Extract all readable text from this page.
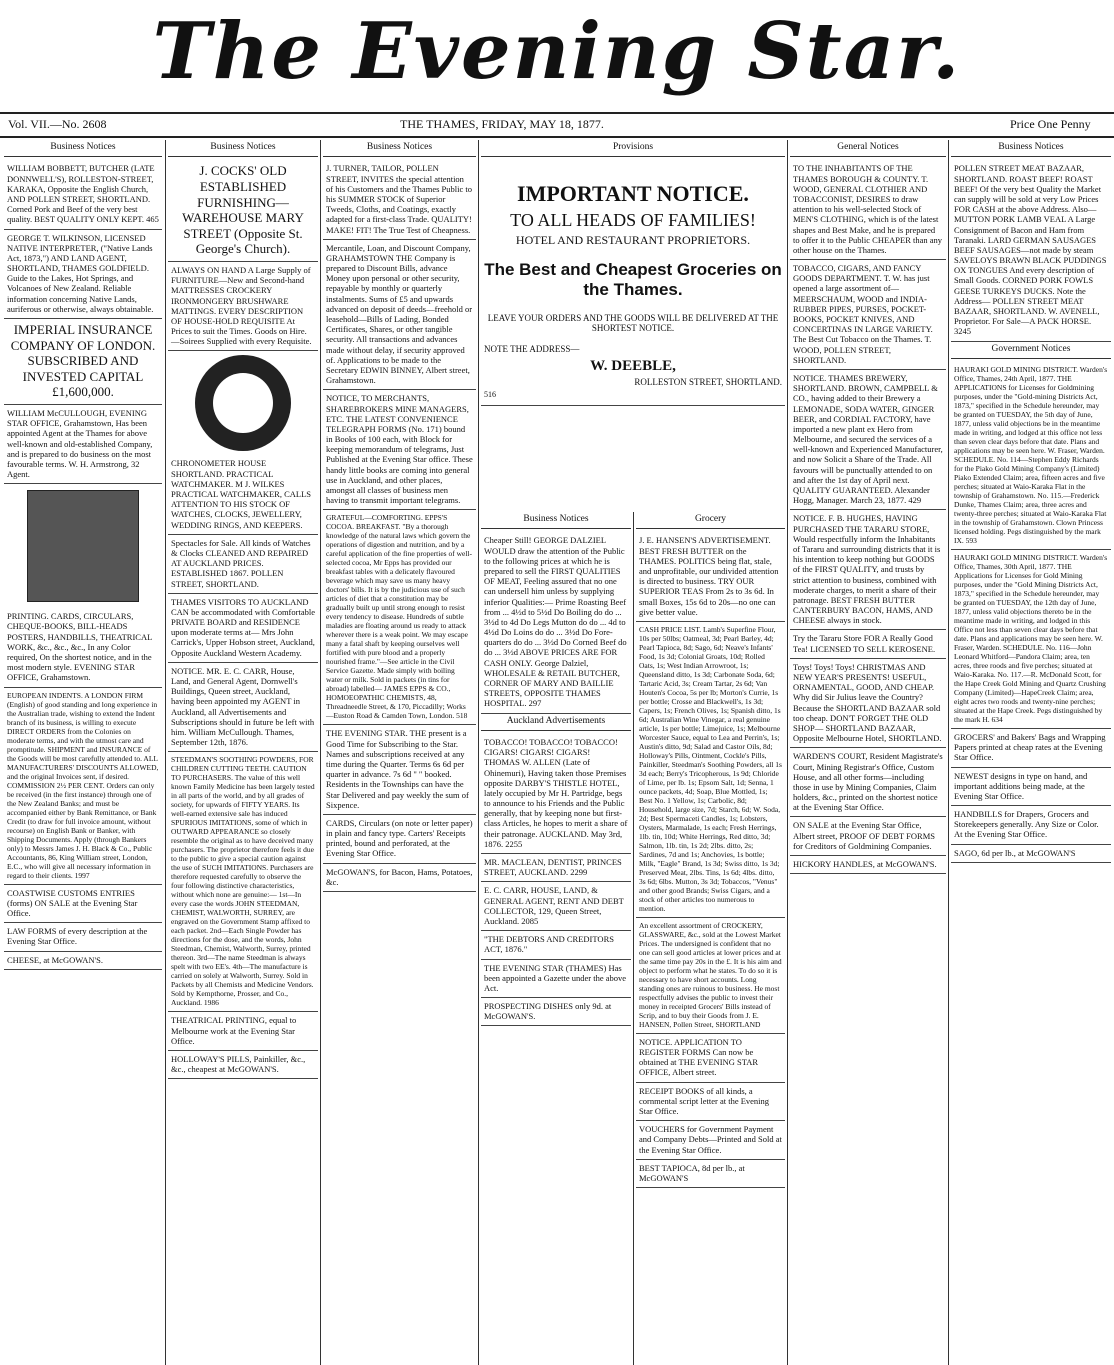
The Evening Star.
Vol. VII.—No. 2608	THE THAMES, FRIDAY, MAY 18, 1877.	Price One Penny
Business Notices
WILLIAM BOBBETT, BUTCHER (LATE DONNWELL'S), ROLLESTON-STREET, KARAKA, Opposite the English Church, AND POLLEN STREET, SHORTLAND. Corned Pork and Beef of the very best quality. BEST QUALITY ONLY KEPT. 465
GEORGE T. WILKINSON, LICENSED NATIVE INTERPRETER, ("Native Lands Act, 1873,") AND LAND AGENT, SHORTLAND, THAMES GOLDFIELD. Guide to the Lakes, Hot Springs, and Volcanoes of New Zealand. Reliable information concerning Native Lands, auriferous or otherwise, always obtainable.
IMPERIAL INSURANCE COMPANY OF LONDON. SUBSCRIBED AND INVESTED CAPITAL £1,600,000.
WILLIAM McCULLOUGH, EVENING STAR OFFICE, Grahamstown, Has been appointed Agent at the Thames for above well-known and old-established Company, and is prepared to do business on the most favourable terms. W. H. Armstrong, 32 Agent.
PRINTING. CARDS, CIRCULARS, CHEQUE-BOOKS, BILL-HEADS POSTERS, HANDBILLS, THEATRICAL WORK, &c., &c., &c., In any Color required, On the shortest notice, and in the most modern style. EVENING STAR OFFICE, Grahamstown.
EUROPEAN INDENTS. A LONDON FIRM (English) of good standing and long experience in the Australian trade, wishing to extend the Indent branch of its business, is willing to execute DIRECT ORDERS from the Colonies on moderate terms, and with the utmost care and promptitude. SHIPMENT and INSURANCE of the Goods will be most carefully attended to. ALL MANUFACTURERS' DISCOUNTS ALLOWED, and the original Invoices sent, if desired. COMMISSION 2½ PER CENT. Orders can only be received (in the first instance) through one of the New Zealand Banks; and must be accompanied either by Bank Remittance, or Bank Credit (to draw for full invoice amount, without recourse) on English Bank or Banker, with Shipping Documents. Apply (through Bankers only) to Messrs James J. H. Black & Co., Public Accountants, 86, King William street, London, E.C., who will give all necessary information in regard to their clients. 1997
COASTWISE CUSTOMS ENTRIES (forms) ON SALE at the Evening Star Office.
LAW FORMS of every description at the Evening Star Office.
CHEESE, at McGOWAN'S.
Business Notices
J. COCKS' OLD ESTABLISHED FURNISHING—WAREHOUSE MARY STREET (Opposite St. George's Church).
ALWAYS ON HAND A Large Supply of FURNITURE—New and Second-hand MATTRESSES CROCKERY IRONMONGERY BRUSHWARE MATTINGS. EVERY DESCRIPTION OF HOUSE-HOLD REQUISITE At Prices to suit the Times. Goods on Hire.—Soirees Supplied with every Requisite.
CHRONOMETER HOUSE SHORTLAND. PRACTICAL WATCHMAKER. M J. WILKES PRACTICAL WATCHMAKER, CALLS ATTENTION TO HIS STOCK OF WATCHES, CLOCKS, JEWELLERY, WEDDING RINGS, AND KEEPERS.
Spectacles for Sale. All kinds of Watches & Clocks CLEANED AND REPAIRED AT AUCKLAND PRICES. ESTABLISHED 1867. POLLEN STREET, SHORTLAND.
THAMES VISITORS TO AUCKLAND CAN be accommodated with Comfortable PRIVATE BOARD and RESIDENCE upon moderate terms at— Mrs John Carrick's, Upper Hobson street, Auckland, Opposite Auckland Western Academy.
NOTICE. MR. E. C. CARR, House, Land, and General Agent, Dornwell's Buildings, Queen street, Auckland, having been appointed my AGENT in Auckland, all Advertisements and Subscriptions should in future be left with him. William McCullough. Thames, September 12th, 1876.
STEEDMAN'S SOOTHING POWDERS, FOR CHILDREN CUTTING TEETH. CAUTION TO PURCHASERS. The value of this well known Family Medicine has been largely tested in all parts of the world, and by all grades of society, for upwards of FIFTY YEARS. Its well-earned extensive sale has induced SPURIOUS IMITATIONS, some of which in OUTWARD APPEARANCE so closely resemble the original as to have deceived many purchasers. The proprietor therefore feels it due to the public to give a special caution against the use of SUCH IMITATIONS. Purchasers are therefore requested carefully to observe the four following distinctive characteristics, without which none are genuine:— 1st—In every case the words JOHN STEEDMAN, CHEMIST, WALWORTH, SURREY, are engraved on the Government Stamp affixed to each packet. 2nd—Each Single Powder has directions for the dose, and the words, John Steedman, Chemist, Walworth, Surrey, printed thereon. 3rd—The name Steedman is always spelt with two EE's. 4th—The manufacture is carried on solely at Walworth, Surrey. Sold in Packets by all Chemists and Medicine Vendors. Sold by Kempthorne, Prosser, and Co., Auckland. 1986
THEATRICAL PRINTING, equal to Melbourne work at the Evening Star Office.
HOLLOWAY'S PILLS, Painkiller, &c., &c., cheapest at McGOWAN'S.
Business Notices
J. TURNER, TAILOR, POLLEN STREET, INVITES the special attention of his Customers and the Thames Public to his SUMMER STOCK of Superior Tweeds, Cloths, and Coatings, exactly adapted for a first-class Trade. QUALITY! MAKE! FIT! The True Test of Cheapness.
Mercantile, Loan, and Discount Company, GRAHAMSTOWN THE Company is prepared to Discount Bills, advance Money upon personal or other security, repayable by monthly or quarterly instalments. Sums of £5 and upwards advanced on deposit of deeds—freehold or leasehold—Bills of Lading, Bonded Certificates, Shares, or other tangible security. All transactions and advances made without delay, if security approved of. Applications to be made to the Secretary EDWIN BINNEY, Albert street, Grahamstown.
NOTICE, TO MERCHANTS, SHAREBROKERS MINE MANAGERS, ETC. THE LATEST CONVENIENCE TELEGRAPH FORMS (No. 171) bound in Books of 100 each, with Block for keeping memorandum of telegrams, Just Published at the Evening Star office. These handy little books are coming into general use in Auckland, and other places, amongst all classes of business men having to transmit important telegrams.
GRATEFUL—COMFORTING. EPPS'S COCOA. BREAKFAST. "By a thorough knowledge of the natural laws which govern the operations of digestion and nutrition, and by a careful application of the fine properties of well-selected cocoa, Mr Epps has provided our breakfast tables with a delicately flavoured beverage which may save us many heavy doctors' bills. It is by the judicious use of such articles of diet that a constitution may be gradually built up until strong enough to resist every tendency to disease. Hundreds of subtle maladies are floating around us ready to attack wherever there is a weak point. We may escape many a fatal shaft by keeping ourselves well fortified with pure blood and a properly nourished frame."—See article in the Civil Service Gazette. Made simply with boiling water or milk. Sold in packets (in tins for abroad) labelled— JAMES EPPS & CO., HOMOEOPATHIC CHEMISTS, 48, Threadneedle Street, & 170, Piccadilly; Works—Euston Road & Camden Town, London. 518
THE EVENING STAR. THE present is a Good Time for Subscribing to the Star. Names and subscriptions received at any time during the Quarter. Terms 6s 6d per quarter in advance. 7s 6d " " booked. Residents in the Townships can have the Star Delivered and pay weekly the sum of Sixpence.
CARDS, Circulars (on note or letter paper) in plain and fancy type. Carters' Receipts printed, bound and perforated, at the Evening Star Office.
McGOWAN'S, for Bacon, Hams, Potatoes, &c.
Provisions

IMPORTANT NOTICE.

TO ALL HEADS OF FAMILIES!

HOTEL AND RESTAURANT PROPRIETORS.

The Best and Cheapest Groceries on the Thames.

LEAVE YOUR ORDERS AND THE GOODS WILL BE DELIVERED AT THE SHORTEST NOTICE.

NOTE THE ADDRESS—

W. DEEBLE,

ROLLESTON STREET, SHORTLAND.

516

Business Notices
Cheaper Still! GEORGE DALZIEL WOULD draw the attention of the Public to the following prices at which he is prepared to sell the FIRST QUALITIES OF MEAT, Feeling assured that no one can undersell him unless by supplying inferior Qualities:— Prime Roasting Beef from ... 4½d to 5½d Do Boiling do do ... 3½d to 4d Do Legs Mutton do do ... 4d to 4½d Do Loins do do ... 3½d Do Fore-quarters do do ... 3½d Do Corned Beef do do ... 3½d ABOVE PRICES ARE FOR CASH ONLY. George Dalziel, WHOLESALE & RETAIL BUTCHER, CORNER OF MARY AND BAILLIE STREETS, OPPOSITE THAMES HOSPITAL. 297
Auckland Advertisements
TOBACCO! TOBACCO! TOBACCO! CIGARS! CIGARS! CIGARS! THOMAS W. ALLEN (Late of Ohinemuri), Having taken those Premises opposite DARBY'S THISTLE HOTEL, lately occupied by Mr H. Partridge, begs to announce to his Friends and the Public generally, that by keeping none but first-class Articles, he hopes to merit a share of their patronage. AUCKLAND. May 3rd, 1876. 2255
MR. MACLEAN, DENTIST, PRINCES STREET, AUCKLAND. 2299
E. C. CARR, HOUSE, LAND, & GENERAL AGENT, RENT AND DEBT COLLECTOR, 129, Queen Street, Auckland. 2085
"THE DEBTORS AND CREDITORS ACT, 1876."
THE EVENING STAR (THAMES) Has been appointed a Gazette under the above Act.
PROSPECTING DISHES only 9d. at McGOWAN'S.
Grocery
J. E. HANSEN'S ADVERTISEMENT. BEST FRESH BUTTER on the THAMES. POLITICS being flat, stale, and unprofitable, our undivided attention is directed to business. TRY OUR SUPERIOR TEAS From 2s to 3s 6d. In small Boxes, 15s 6d to 20s—no one can give better value.
CASH PRICE LIST. Lamb's Superfine Flour, 10s per 50lbs; Oatmeal, 3d; Pearl Barley, 4d; Pearl Tapioca, 8d; Sago, 6d; Neave's Infants' Food, 1s 3d; Colonial Groats, 10d; Rolled Oats, 1s; West Indian Arrowroot, 1s; Queensland ditto, 1s 3d; Carbonate Soda, 6d; Tartaric Acid, 3s; Cream Tartar, 2s 6d; Van Houten's Cocoa, 5s per lb; Morton's Currie, 1s per bottle; Crosse and Blackwell's, 1s 3d; Capers, 1s; French Olives, 1s; Spanish ditto, 1s 6d; Australian Wine Vinegar, a real genuine article, 1s per bottle; Limejuice, 1s; Melbourne Worcester Sauce, equal to Lea and Perrin's, 1s; Austin's ditto, 9d; Salad and Castor Oils, 8d; Holloway's Pills, Ointment, Cockle's Pills, Painkiller, Steedman's Soothing Powders, all 1s 3d each; Berry's Tricopherous, 1s 9d; Chloride of Lime, per lb. 1s; Epsom Salt, 1d; Senna, 1 ounce packets, 4d; Soap, Blue Mottled, 1s; Best No. 1 Yellow, 1s; Carbolic, 8d; Household, large size, 7d; Starch, 6d; W. Soda, 2d; Best Spermaceti Candles, 1s; Lobsters, Oysters, Marmalade, 1s each; Fresh Herrings, 1lb. tin, 10d; White Herrings, Red ditto, 3d; Salmon, 1lb. tin, 1s 2d; 2lbs. ditto, 2s; Sardines, 7d and 1s; Anchovies, 1s bottle; Milk, "Eagle" Brand, 1s 3d; Swiss ditto, 1s 3d; Preserved Meat, 2lbs. Tins, 1s 6d; 4lbs. ditto, 3s 6d; 6lbs. Mutton, 3s 3d; Tobaccos, "Venus" and other good Brands; Swiss Cigars, and a stock of other articles too numerous to mention.
An excellent assortment of CROCKERY, GLASSWARE, &c., sold at the Lowest Market Prices. The undersigned is confident that no one can sell good articles at lower prices and at the same time pay 20s in the £. It is his aim and object to perform what he states. To do so it is necessary to have short accounts. Long standing ones are ruinous to business. He most respectfully advises the public to invest their money in receipted Grocers' Bills instead of Scrip, and to buy their Goods from J. E. HANSEN, Pollen Street, SHORTLAND
NOTICE. APPLICATION TO REGISTER FORMS Can now be obtained at THE EVENING STAR OFFICE, Albert street.
RECEIPT BOOKS of all kinds, a cornmental script letter at the Evening Star Office.
VOUCHERS for Government Payment and Company Debts—Printed and Sold at the Evening Star Office.
BEST TAPIOCA, 8d per lb., at McGOWAN'S
General Notices
TO THE INHABITANTS OF THE THAMES BOROUGH & COUNTY. T. WOOD, GENERAL CLOTHIER AND TOBACCONIST, DESIRES to draw attention to his well-selected Stock of MEN'S CLOTHING, which is of the latest shapes and Best Make, and he is prepared to offer it to the Public CHEAPER than any other house on the Thames.
TOBACCO, CIGARS, AND FANCY GOODS DEPARTMENT. T. W. has just opened a large assortment of— MEERSCHAUM, WOOD and INDIA-RUBBER PIPES, PURSES, POCKET-BOOKS, POCKET KNIVES, AND CONCERTINAS IN LARGE VARIETY. The Best Cut Tobacco on the Thames. T. WOOD, POLLEN STREET, SHORTLAND.
NOTICE. THAMES BREWERY, SHORTLAND. BROWN, CAMPBELL & CO., having added to their Brewery a LEMONADE, SODA WATER, GINGER BEER, and CORDIAL FACTORY, have imported a new plant ex Hero from Melbourne, and secured the services of a well-known and Experienced Manufacturer, and now Solicit a Share of the Trade. All favours will be punctually attended to on and after the 1st day of April next. QUALITY GUARANTEED. Alexander Hogg, Manager. March 23, 1877. 429
NOTICE. F. B. HUGHES, HAVING PURCHASED THE TARARU STORE, Would respectfully inform the Inhabitants of Tararu and surrounding districts that it is his intention to keep nothing but GOODS of the FIRST QUALITY, and trusts by strict attention to business, combined with moderate charges, to merit a share of their patronage. BEST FRESH BUTTER CANTERBURY BACON, HAMS, AND CHEESE always in stock.
Try the Tararu Store FOR A Really Good Tea! LICENSED TO SELL KEROSENE.
Toys! Toys! Toys! CHRISTMAS AND NEW YEAR'S PRESENTS! USEFUL, ORNAMENTAL, GOOD, AND CHEAP. Why did Sir Julius leave the Country? Because the SHORTLAND BAZAAR sold too cheap. DON'T FORGET THE OLD SHOP— SHORTLAND BAZAAR, Opposite Melbourne Hotel, SHORTLAND.
WARDEN'S COURT, Resident Magistrate's Court, Mining Registrar's Office, Custom House, and all other forms—including those in use by Mining Companies, Claim holders, &c., printed on the shortest notice at the Evening Star Office.
ON SALE at the Evening Star Office, Albert street, PROOF OF DEBT FORMS for Creditors of Goldmining Companies.
HICKORY HANDLES, at McGOWAN'S.
Business Notices
POLLEN STREET MEAT BAZAAR, SHORTLAND. ROAST BEEF! ROAST BEEF! Of the very best Quality the Market can supply will be sold at very Low Prices FOR CASH at the above Address. Also—MUTTON PORK LAMB VEAL A Large Consignment of Bacon and Ham from Taranaki. LARD GERMAN SAUSAGES BEEF SAUSAGES—not made by steam SAVELOYS BRAWN BLACK PUDDINGS OX TONGUES And every description of Small Goods. CORNED PORK FOWLS GEESE TURKEYS DUCKS. Note the Address— POLLEN STREET MEAT BAZAAR, SHORTLAND. W. AVENELL, Proprietor. For Sale—A PACK HORSE. 3245
Government Notices
HAURAKI GOLD MINING DISTRICT. Warden's Office, Thames, 24th April, 1877. THE APPLICATIONS for Licenses for Goldmining purposes, under the "Gold-mining Districts Act, 1873," specified in the Schedule hereunder, may be granted on TUESDAY, the 5th day of June, 1877, unless valid objections be in the meantime made in writing, and lodged at this office not less than seven clear days before that date. Plans and applications may be seen here. W. Fraser, Warden. SCHEDULE. No. 114—Stephen Eddy Richards for the Piako Gold Mining Company's (Limited) Piako Extended Claim; area, fifteen acres and five perches; situated at Waio-Karaka Flat in the township of Grahamstown. No. 115.—Frederick Dunke, Thames Claim; area, three acres and twenty-three perches; situated at Waio-Karaka Flat in the township of Grahamstown. Clown Princess licensed holding. Pegs distinguished by the mark IX. 593
HAURAKI GOLD MINING DISTRICT. Warden's Office, Thames, 30th April, 1877. THE Applications for Licenses for Gold Mining purposes, under the "Gold Mining Districts Act, 1873," specified in the Schedule hereunder, may be granted on TUESDAY, the 12th day of June, 1877, unless valid objections thereto be in the meantime made in writing, and lodged in this Office not less than seven clear days before that date. Plans and applications may be seen here. W. Fraser, Warden. SCHEDULE. No. 116—John Leonard Whitford—Pandora Claim; area, ten acres, three roods and five perches; situated at Waio-Karaka. No. 117.—R. McDonald Scott, for the Hape Creek Gold Mining and Quartz Crushing Company (Limited)—HapeCreek Claim; area, eight acres two roods and twenty-nine perches; situated at the Hape Creek. Pegs distinguished by the mark H. 634
GROCERS' and Bakers' Bags and Wrapping Papers printed at cheap rates at the Evening Star Office.
NEWEST designs in type on hand, and important additions being made, at the Evening Star Office.
HANDBILLS for Drapers, Grocers and Storekeepers generally. Any Size or Color. At the Evening Star Office.
SAGO, 6d per lb., at McGOWAN'S
